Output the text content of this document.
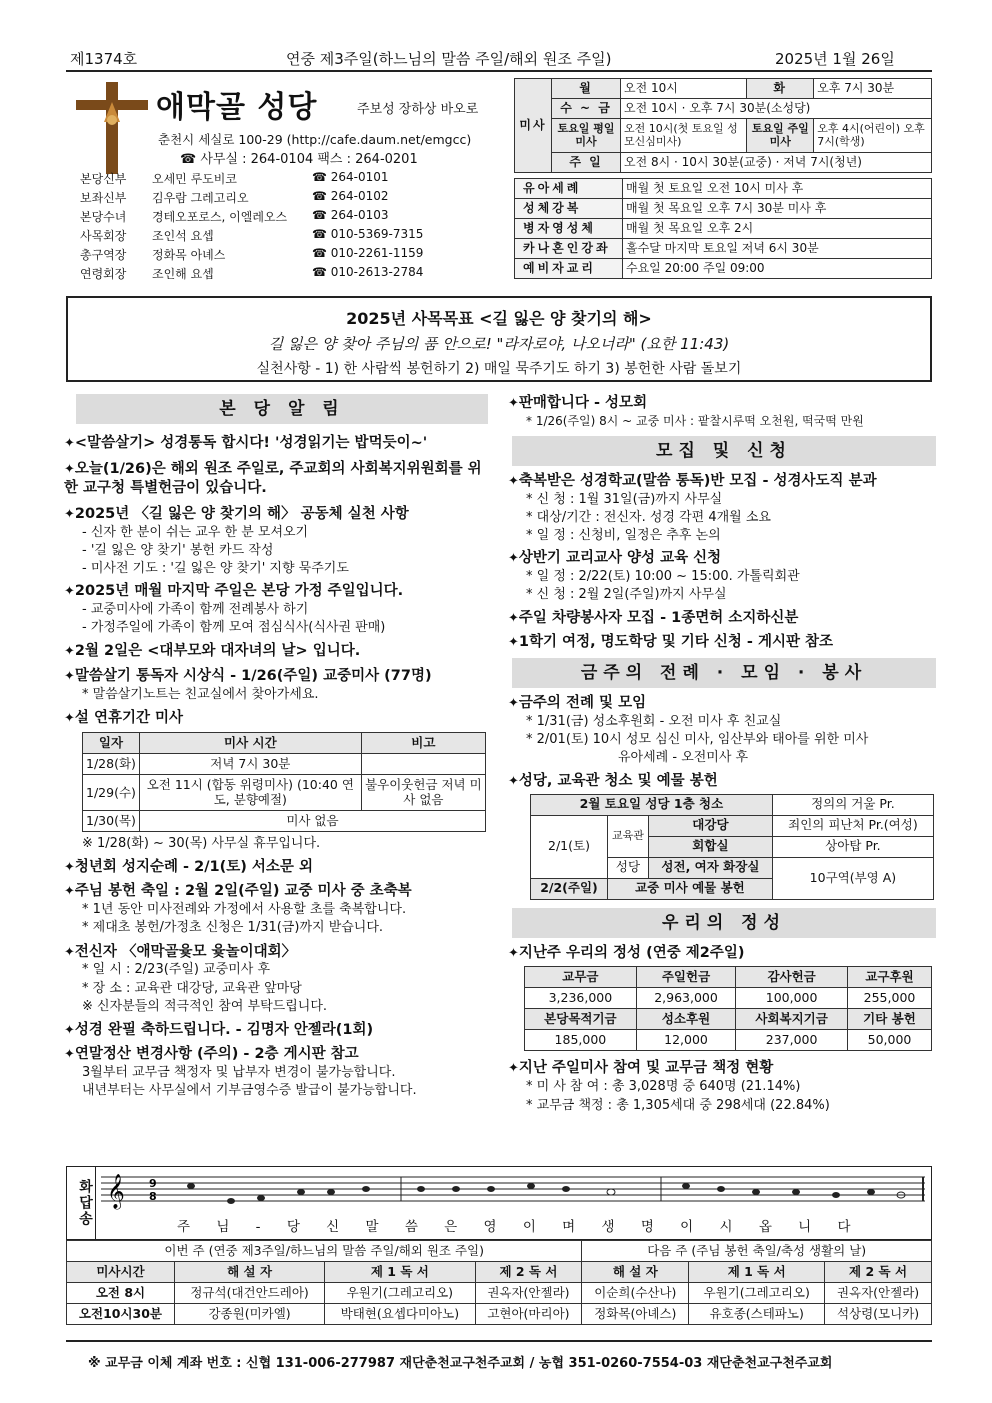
제1374호	연중 제3주일(하느님의 말씀 주일/해외 원조 주일)	2025년 1월 26일
애막골 성당	주보성 장하상 바오로
춘천시 세실로 100-29 (http://cafe.daum.net/emgcc)
☎ 사무실 : 264-0104 팩스 : 264-0201
본당신부	오세민 루도비코	☎ 264-0101
보좌신부	김우람 그레고리오	☎ 264-0102
본당수녀	경테오포로스, 이엘레오스	☎ 264-0103
사목회장	조인석 요셉	☎ 010-5369-7315
총구역장	정화목 아녜스	☎ 010-2261-1159
연령회장	조인해 요셉	☎ 010-2613-2784
미사	월	오전 10시	화	오후 7시 30분
	수 ~ 금	오전 10시 · 오후 7시 30분(소성당)		
	토요일 평일미사	오전 10시(첫 토요일 성모신심미사)	토요일 주일미사	오후 4시(어린이) 오후 7시(학생)
	주 일	오전 8시 · 10시 30분(교중) · 저녁 7시(청년)		
유아세례	매월 첫 토요일 오전 10시 미사 후
성체강복	매월 첫 목요일 오후 7시 30분 미사 후
병자영성체	매월 첫 목요일 오후 2시
카나혼인강좌	홀수달 마지막 토요일 저녁 6시 30분
예비자교리	수요일 20:00 주일 09:00
2025년 사목목표 <길 잃은 양 찾기의 해>
길 잃은 양 찾아 주님의 품 안으로! "라자로야, 나오너라" (요한 11:43)
실천사항 - 1) 한 사람씩 봉헌하기 2) 매일 묵주기도 하기 3) 봉헌한 사람 돌보기
본 당 알 림
✦ <말씀살기> 성경통독 합시다! '성경읽기는 밥먹듯이~'
✦ 오늘(1/26)은 해외 원조 주일로, 주교회의 사회복지위원회를 위한 교구청 특별헌금이 있습니다.
✦ 2025년 〈길 잃은 양 찾기의 해〉 공동체 실천 사항
- 신자 한 분이 쉬는 교우 한 분 모셔오기
- '길 잃은 양 찾기' 봉헌 카드 작성
- 미사전 기도 : '길 잃은 양 찾기' 지향 묵주기도
✦ 2025년 매월 마지막 주일은 본당 가정 주일입니다.
- 교중미사에 가족이 함께 전례봉사 하기
- 가정주일에 가족이 함께 모여 점심식사(식사권 판매)
✦ 2월 2일은 <대부모와 대자녀의 날> 입니다.
✦ 말씀살기 통독자 시상식 - 1/26(주일) 교중미사 (77명)
* 말씀살기노트는 친교실에서 찾아가세요.
✦ 설 연휴기간 미사
일자	미사 시간	비고
1/28(화)	저녁 7시 30분	
1/29(수)	오전 11시 (합동 위령미사) (10:40 연도, 분향예절)	불우이웃헌금 저녁 미사 없음
1/30(목)	미사 없음	
※ 1/28(화) ~ 30(목) 사무실 휴무입니다.
✦ 청년회 성지순례 - 2/1(토) 서소문 외
✦ 주님 봉헌 축일 : 2월 2일(주일) 교중 미사 중 초축복
* 1년 동안 미사전례와 가정에서 사용할 초를 축복합니다.
* 제대초 봉헌/가정초 신청은 1/31(금)까지 받습니다.
✦ 전신자 〈애막골윷모 윷놀이대회〉
* 일 시 : 2/23(주일) 교중미사 후
* 장 소 : 교육관 대강당, 교육관 앞마당
※ 신자분들의 적극적인 참여 부탁드립니다.
✦ 성경 완필 축하드립니다. - 김명자 안젤라(1회)
✦ 연말정산 변경사항 (주의) - 2층 게시판 참고
3월부터 교무금 책정자 및 납부자 변경이 불가능합니다.
내년부터는 사무실에서 기부금영수증 발급이 불가능합니다.
✦ 판매합니다 - 성모회
* 1/26(주일) 8시 ~ 교중 미사 : 팥찰시루떡 오천원, 떡국떡 만원
모집 및 신청
✦ 축복받은 성경학교(말씀 통독)반 모집 - 성경사도직 분과
* 신 청 : 1월 31일(금)까지 사무실
* 대상/기간 : 전신자. 성경 각편 4개월 소요
* 일 정 : 신청비, 일정은 추후 논의
✦ 상반기 교리교사 양성 교육 신청
* 일 정 : 2/22(토) 10:00 ~ 15:00. 가톨릭회관
* 신 청 : 2월 2일(주일)까지 사무실
✦ 주일 차량봉사자 모집 - 1종면허 소지하신분
✦ 1학기 여정, 명도학당 및 기타 신청 - 게시판 참조
금주의 전례 · 모임 · 봉사
✦ 금주의 전례 및 모임
* 1/31(금) 성소후원회 - 오전 미사 후 친교실
* 2/01(토) 10시 성모 심신 미사, 임산부와 태아를 위한 미사
유아세례 - 오전미사 후
✦ 성당, 교육관 청소 및 예물 봉헌
2월 토요일 성당 1층 청소			정의의 거울 Pr.
2/1(토)	교육관	대강당	죄인의 피난처 Pr.(여성)
		회합실	상아탑 Pr.
	성당	성전, 여자 화장실	10구역(부영 A)
2/2(주일)	교중 미사 예물 봉헌		
우리의 정성
✦ 지난주 우리의 정성 (연중 제2주일)
교무금	주일헌금	감사헌금	교구후원
3,236,000	2,963,000	100,000	255,000
본당목적기금	성소후원	사회복지기금	기타 봉헌
185,000	12,000	237,000	50,000
✦ 지난 주일미사 참여 및 교무금 책정 현황
* 미 사 참 여 : 총 3,028명 중 640명 (21.14%)
* 교무금 책정 : 총 1,305세대 중 298세대 (22.84%)
화답송 𝄞 9
8
주 님 - 당 신 말 씀 은 영 이 며 생 명 이 시 옵 니 다
이번 주 (연중 제3주일/하느님의 말씀 주일/해외 원조 주일)				다음 주 (주님 봉헌 축일/축성 생활의 날)		
미사시간	해 설 자	제 1 독 서	제 2 독 서	해 설 자	제 1 독 서	제 2 독 서
오전 8시	정규석(대건안드레아)	우원기(그레고리오)	권옥자(안젤라)	이순희(수산나)	우원기(그레고리오)	권옥자(안젤라)
오전10시30분	강종원(미카엘)	박태현(요셉다미아노)	고현아(마리아)	정화목(아녜스)	유호종(스테파노)	석상령(모니카)
※ 교무금 이체 계좌 번호 : 신협 131-006-277987 재단춘천교구천주교회 / 농협 351-0260-7554-03 재단춘천교구천주교회
